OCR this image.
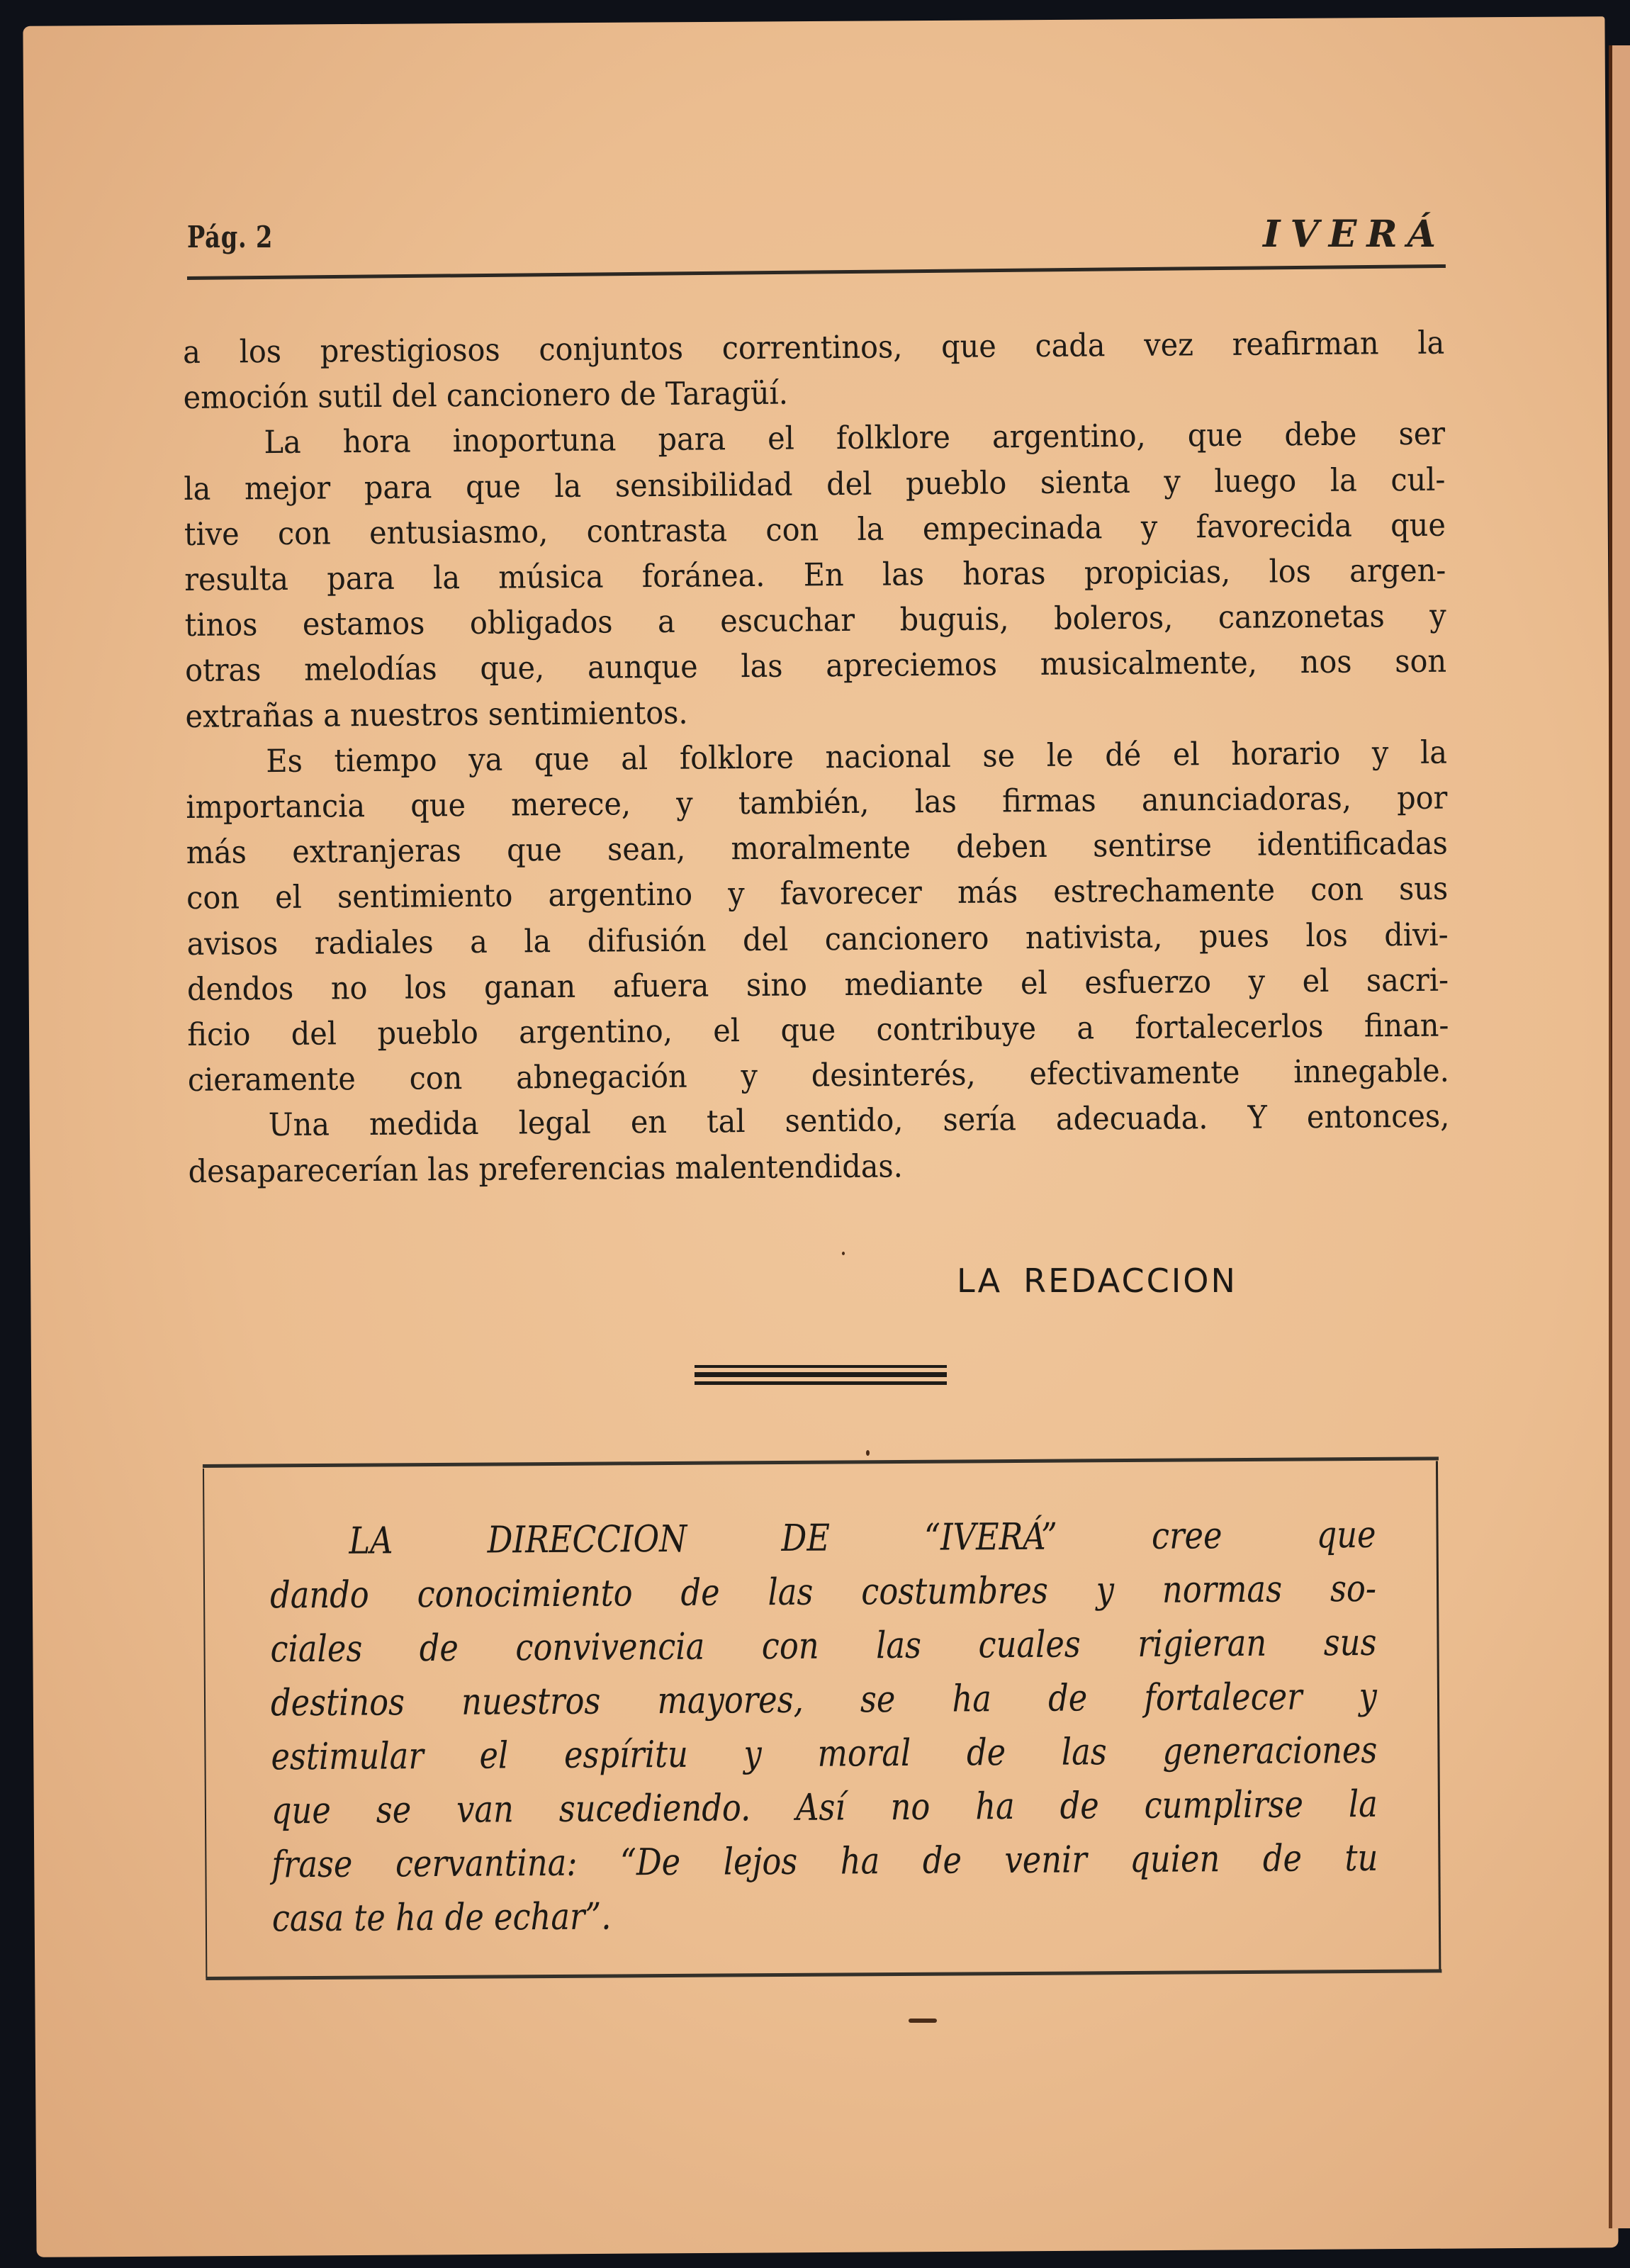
Pág. 2	IVERÁ
a los prestigiosos conjuntos correntinos, que cada vez reafirman la
emoción sutil del cancionero de Taragüí.
La hora inoportuna para el folklore argentino, que debe ser
la mejor para que la sensibilidad del pueblo sienta y luego la cul-
tive con entusiasmo, contrasta con la empecinada y favorecida que
resulta para la música foránea. En las horas propicias, los argen-
tinos estamos obligados a escuchar buguis, boleros, canzonetas y
otras melodías que, aunque las apreciemos musicalmente, nos son
extrañas a nuestros sentimientos.
Es tiempo ya que al folklore nacional se le dé el horario y la
importancia que merece, y también, las firmas anunciadoras, por
más extranjeras que sean, moralmente deben sentirse identificadas
con el sentimiento argentino y favorecer más estrechamente con sus
avisos radiales a la difusión del cancionero nativista, pues los divi-
dendos no los ganan afuera sino mediante el esfuerzo y el sacri-
ficio del pueblo argentino, el que contribuye a fortalecerlos finan-
cieramente con abnegación y desinterés, efectivamente innegable.
Una medida legal en tal sentido, sería adecuada. Y entonces,
desaparecerían las preferencias malentendidas.
LA REDACCION
LA DIRECCION DE “IVERÁ” cree que
dando conocimiento de las costumbres y normas so-
ciales de convivencia con las cuales rigieran sus
destinos nuestros mayores, se ha de fortalecer y
estimular el espíritu y moral de las generaciones
que se van sucediendo. Así no ha de cumplirse la
frase cervantina: “De lejos ha de venir quien de tu
casa te ha de echar”.
